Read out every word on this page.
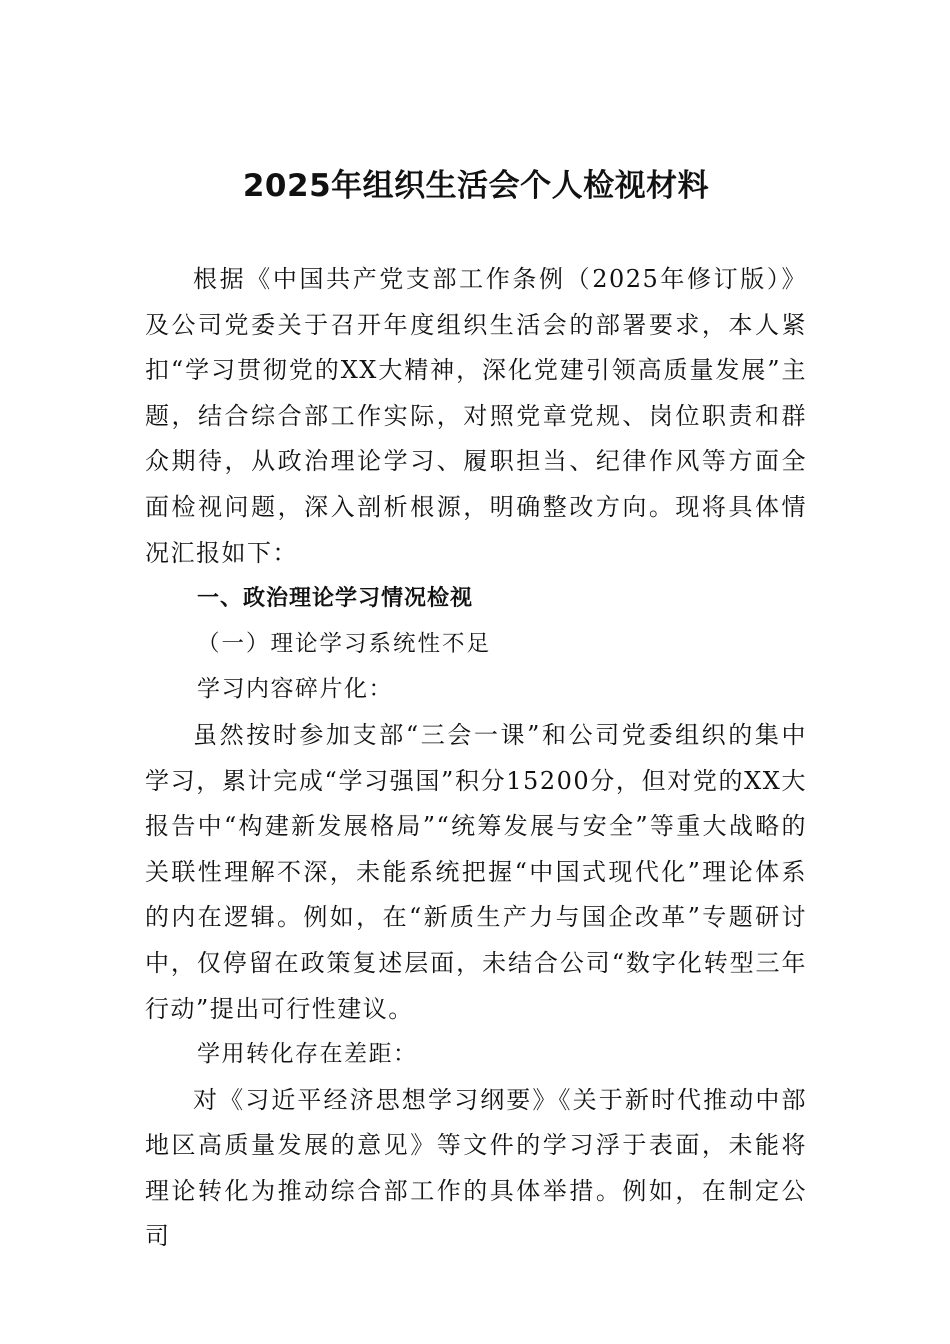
2025年组织生活会个人检视材料

根据《中国共产党支部工作条例（2025年修订版）》及公司党委关于召开年度组织生活会的部署要求，本人紧扣“学习贯彻党的XX大精神，深化党建引领高质量发展”主题，结合综合部工作实际，对照党章党规、岗位职责和群众期待，从政治理论学习、履职担当、纪律作风等方面全面检视问题，深入剖析根源，明确整改方向。现将具体情况汇报如下：

一、政治理论学习情况检视

（一）理论学习系统性不足

学习内容碎片化：

虽然按时参加支部“三会一课”和公司党委组织的集中学习，累计完成“学习强国”积分15200分，但对党的XX大报告中“构建新发展格局”“统筹发展与安全”等重大战略的关联性理解不深，未能系统把握“中国式现代化”理论体系的内在逻辑。例如，在“新质生产力与国企改革”专题研讨中，仅停留在政策复述层面，未结合公司“数字化转型三年行动”提出可行性建议。

学用转化存在差距：

对《习近平经济思想学习纲要》《关于新时代推动中部地区高质量发展的意见》等文件的学习浮于表面，未能将理论转化为推动综合部工作的具体举措。例如，在制定公司
